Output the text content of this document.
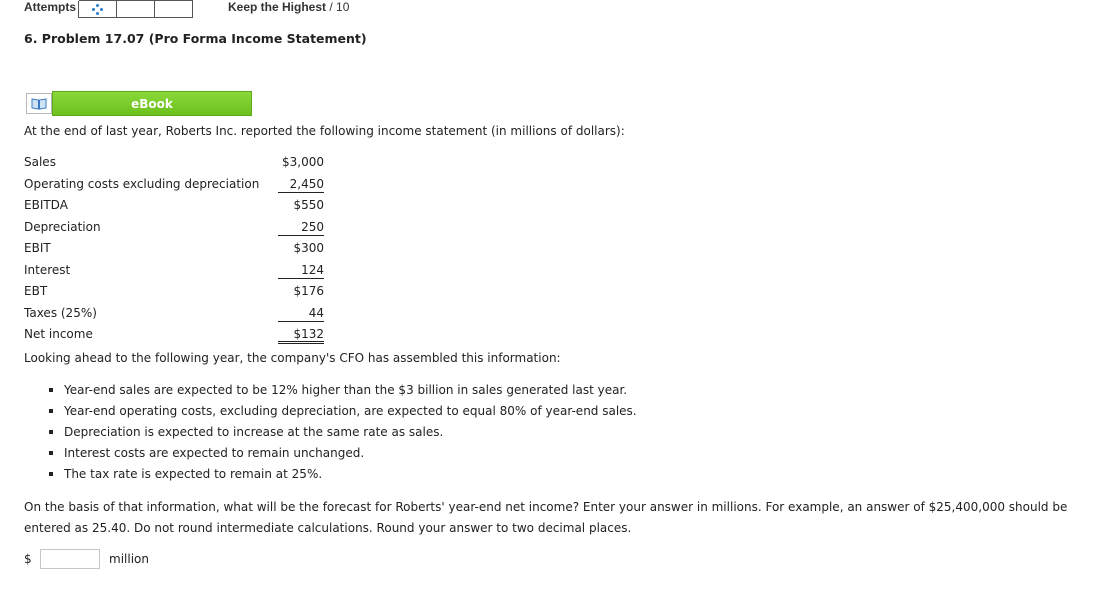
Attempts	Keep the Highest / 10
6. Problem 17.07 (Pro Forma Income Statement)
eBook
At the end of last year, Roberts Inc. reported the following income statement (in millions of dollars):
Sales	$3,000
Operating costs excluding depreciation	2,450
EBITDA	$550
Depreciation	250
EBIT	$300
Interest	124
EBT	$176
Taxes (25%)	44
Net income	$132
Looking ahead to the following year, the company's CFO has assembled this information:
Year-end sales are expected to be 12% higher than the $3 billion in sales generated last year.
Year-end operating costs, excluding depreciation, are expected to equal 80% of year-end sales.
Depreciation is expected to increase at the same rate as sales.
Interest costs are expected to remain unchanged.
The tax rate is expected to remain at 25%.
On the basis of that information, what will be the forecast for Roberts' year-end net income? Enter your answer in millions. For example, an answer of $25,400,000 should be entered as 25.40. Do not round intermediate calculations. Round your answer to two decimal places.
$	million
